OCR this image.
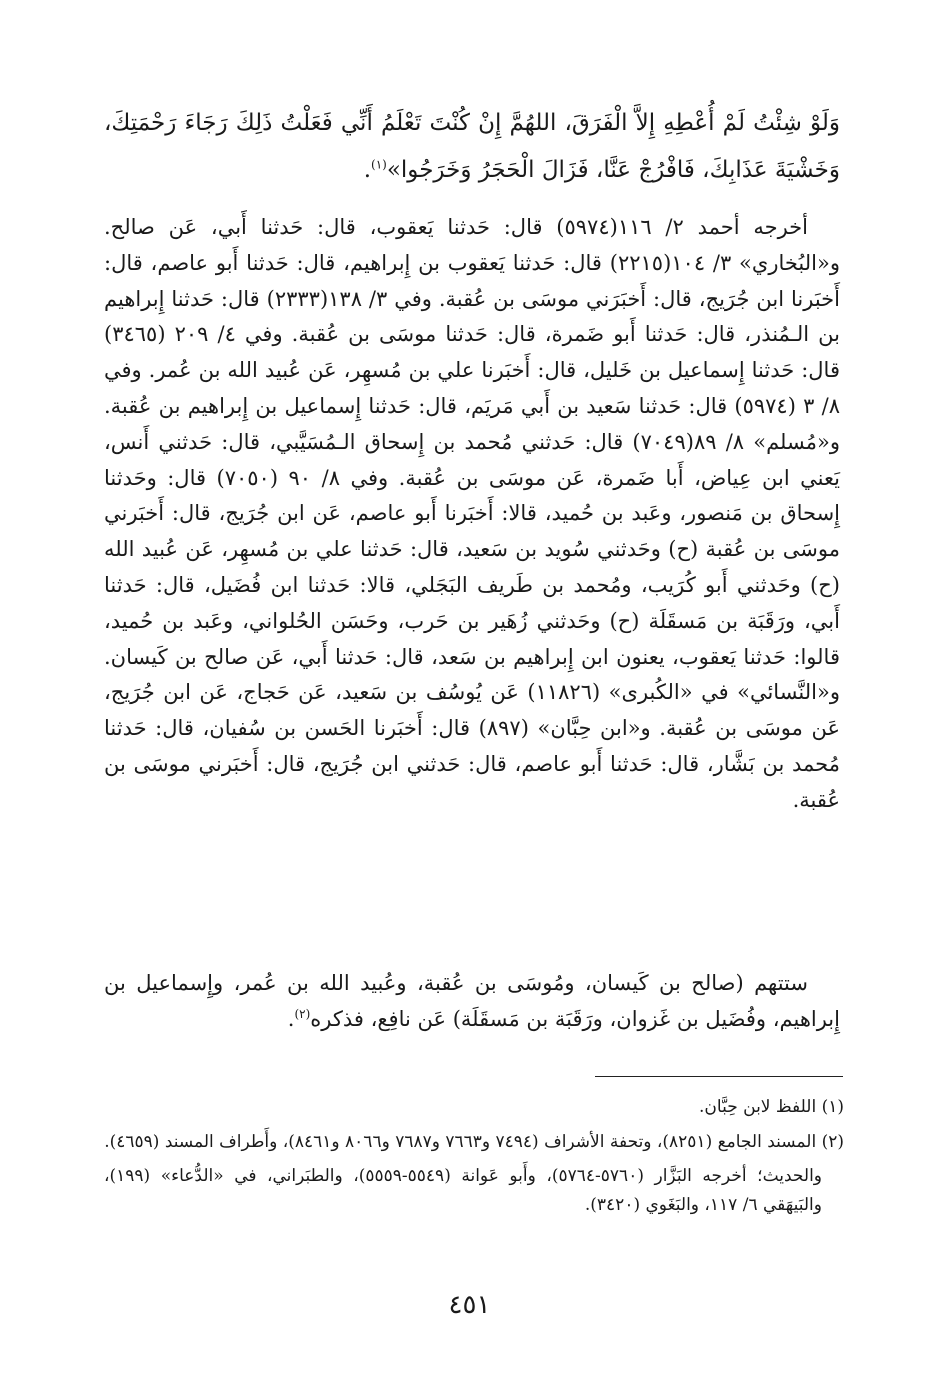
وَلَوْ شِئْتُ لَمْ أُعْطِهِ إِلاَّ الْفَرَقَ، اللهُمَّ إِنْ كُنْتَ تَعْلَمُ أَنِّي فَعَلْتُ ذَلِكَ رَجَاءَ رَحْمَتِكَ، وَخَشْيَةَ عَذَابِكَ، فَافْرُجْ عَنَّا، فَزَالَ الْحَجَرُ وَخَرَجُوا»$^{(١)}$.

أخرجه أحمد ٢/ ١١٦(٥٩٧٤) قال: حَدثنا يَعقوب، قال: حَدثنا أَبي، عَن صالح. و«البُخاري» ٣/ ١٠٤(٢٢١٥) قال: حَدثنا يَعقوب بن إِبراهيم، قال: حَدثنا أَبو عاصم، قال: أَخبَرنا ابن جُرَيج، قال: أَخبَرَني موسَى بن عُقبة. وفي ٣/ ١٣٨(٢٣٣٣) قال: حَدثنا إِبراهيم بن الـمُنذر، قال: حَدثنا أَبو ضَمرة، قال: حَدثنا موسَى بن عُقبة. وفي ٤/ ٢٠٩ (٣٤٦٥) قال: حَدثنا إِسماعيل بن خَليل، قال: أَخبَرنا علي بن مُسهِر، عَن عُبيد الله بن عُمر. وفي ٨/ ٣ (٥٩٧٤) قال: حَدثنا سَعيد بن أَبي مَريَم، قال: حَدثنا إِسماعيل بن إِبراهيم بن عُقبة. و«مُسلم» ٨/ ٨٩(٧٠٤٩) قال: حَدثني مُحمد بن إِسحاق الـمُسَيَّبي، قال: حَدثني أَنس، يَعني ابن عِياض، أَبا ضَمرة، عَن موسَى بن عُقبة. وفي ٨/ ٩٠ (٧٠٥٠) قال: وحَدثنا إِسحاق بن مَنصور، وعَبد بن حُميد، قالا: أَخبَرنا أَبو عاصم، عَن ابن جُرَيج، قال: أَخبَرني موسَى بن عُقبة (ح) وحَدثني سُويد بن سَعيد، قال: حَدثنا علي بن مُسهِر، عَن عُبيد الله (ح) وحَدثني أَبو كُرَيب، ومُحمد بن طَريف البَجَلي، قالا: حَدثنا ابن فُضَيل، قال: حَدثنا أَبي، ورَقَبَة بن مَسقَلَة (ح) وحَدثني زُهَير بن حَرب، وحَسَن الحُلواني، وعَبد بن حُميد، قالوا: حَدثنا يَعقوب، يعنون ابن إِبراهيم بن سَعد، قال: حَدثنا أَبي، عَن صالح بن كَيسان. و«النَّسائي» في «الكُبرى» (١١٨٢٦) عَن يُوسُف بن سَعيد، عَن حَجاج، عَن ابن جُرَيج، عَن موسَى بن عُقبة. و«ابن حِبَّان» (٨٩٧) قال: أَخبَرنا الحَسن بن سُفيان، قال: حَدثنا مُحمد بن بَشَّار، قال: حَدثنا أَبو عاصم، قال: حَدثني ابن جُرَيج، قال: أَخبَرني موسَى بن عُقبة.

ستتهم (صالح بن كَيسان، ومُوسَى بن عُقبة، وعُبيد الله بن عُمر، وإِسماعيل بن إِبراهيم، وفُضَيل بن غَزوان، ورَقَبَة بن مَسقَلَة) عَن نافِع، فذكره$^{(٢)}$.

(١) اللفظ لابن حِبَّان.

(٢) المسند الجامع (٨٢٥١)، وتحفة الأشراف (٧٤٩٤ و٧٦٦٣ و٧٦٨٧ و٨٠٦٦ و٨٤٦١)، وأَطراف المسند (٤٦٥٩).

والحديث؛ أخرجه البَزَّار (٥٧٦٠-٥٧٦٤)، وأَبو عَوانة (٥٥٤٩-٥٥٥٩)، والطبَراني، في «الدُّعاء» (١٩٩)، والبَيهَقي ٦/ ١١٧، والبَغَوي (٣٤٢٠).

٤٥١
